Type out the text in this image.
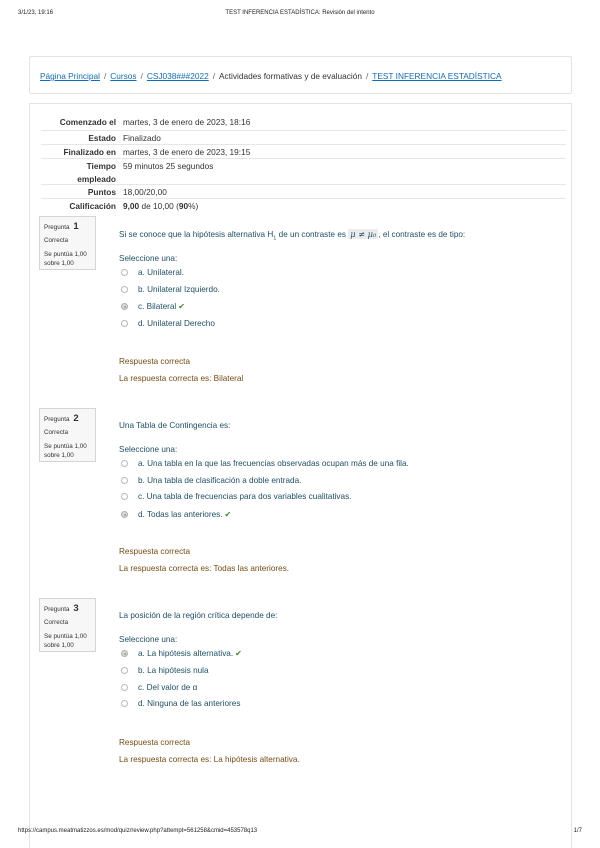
3/1/23, 19:16	TEST INFERENCIA ESTADÍSTICA: Revisión del intento
Página Principal / Cursos / CSJ038###2022 / Actividades formativas y de evaluación / TEST INFERENCIA ESTADÍSTICA
Comenzado el martes, 3 de enero de 2023, 18:16
Estado Finalizado
Finalizado en martes, 3 de enero de 2023, 19:15
Tiempo
empleado
59 minutos 25 segundos
Puntos 18,00/20,00
Calificación 9,00 de 10,00 (90%)
Pregunta 1
Correcta
Se puntúa 1,00
sobre 1,00
Si se conoce que la hipótesis alternativa $H_1$ de un contraste es μ ≠ μ₀ , el contraste es de tipo:
Seleccione una:
a. Unilateral.
b. Unilateral Izquierdo.
c. Bilateral ✔
d. Unilateral Derecho
Respuesta correcta
La respuesta correcta es: Bilateral
Pregunta 2
Correcta
Se puntúa 1,00
sobre 1,00
Una Tabla de Contingencia es:
Seleccione una:
a. Una tabla en la que las frecuencias observadas ocupan más de una fila.
b. Una tabla de clasificación a doble entrada.
c. Una tabla de frecuencias para dos variables cualitativas.
d. Todas las anteriores. ✔
Respuesta correcta
La respuesta correcta es: Todas las anteriores.
Pregunta 3
Correcta
Se puntúa 1,00
sobre 1,00
La posición de la región crítica depende de:
Seleccione una:
a. La hipótesis alternativa. ✔
b. La hipótesis nula
c. Del valor de α
d. Ninguna de las anteriores
Respuesta correcta
La respuesta correcta es: La hipótesis alternativa.
https://campus.meatmatizzos.es/mod/quiz/review.php?attempt=561258&cmid=453578q13	1/7
